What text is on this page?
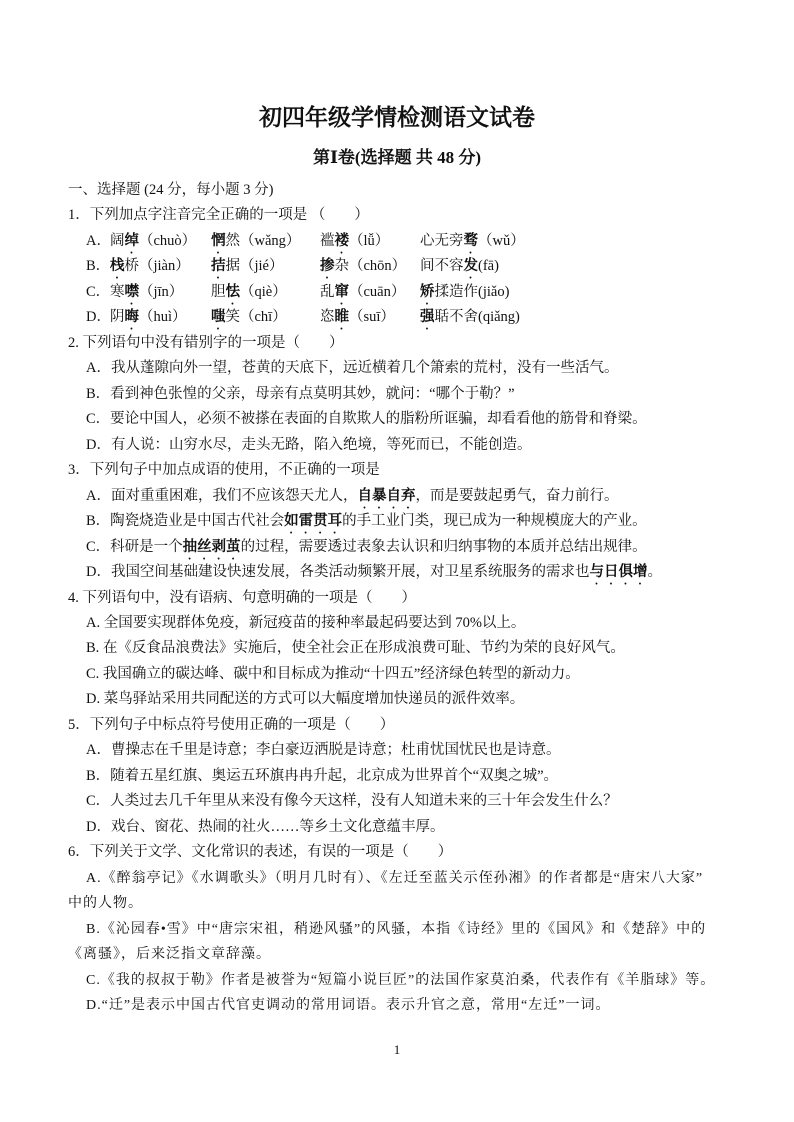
初四年级学情检测语文试卷
第Ⅰ卷(选择题 共 48 分)
一、选择题 (24 分，每小题 3 分)
1．下列加点字注音完全正确的一项是 （　　）
A．阔绰（chuò） 惘然（wǎng） 褴褛（lǚ） 心无旁骛（wǔ）
B．栈桥（jiàn） 拮据（jié）	掺杂（chōn） 间不容发(fā)
C．寒噤（jīn） 胆怯（qiè） 乱窜（cuān） 矫揉造作(jiǎo)
D．阴晦（huì） 嗤笑（chī） 恣睢（suī） 强聒不舍(qiǎng)
2. 下列语句中没有错别字的一项是（　　）
A．我从蓬隙向外一望，苍黄的天底下，远近横着几个箫索的荒村，没有一些活气。
B．看到神色张惶的父亲，母亲有点莫明其妙，就问：“哪个于勒？”
C．要论中国人，必须不被搽在表面的自欺欺人的脂粉所诓骗，却看看他的筋骨和脊梁。
D．有人说：山穷水尽，走头无路，陷入绝境，等死而已，不能创造。
3．下列句子中加点成语的使用，不正确的一项是
A．面对重重困难，我们不应该怨天尤人，自暴自弃，而是要鼓起勇气，奋力前行。
B．陶瓷烧造业是中国古代社会如雷贯耳的手工业门类，现已成为一种规模庞大的产业。
C．科研是一个抽丝剥茧的过程，需要透过表象去认识和归纳事物的本质并总结出规律。
D．我国空间基础建设快速发展，各类活动频繁开展，对卫星系统服务的需求也与日俱增。
4. 下列语句中，没有语病、句意明确的一项是（　　）
A. 全国要实现群体免疫，新冠疫苗的接种率最起码要达到 70%以上。
B. 在《反食品浪费法》实施后，使全社会正在形成浪费可耻、节约为荣的良好风气。
C. 我国确立的碳达峰、碳中和目标成为推动“十四五”经济绿色转型的新动力。
D. 菜鸟驿站采用共同配送的方式可以大幅度增加快递员的派件效率。
5．下列句子中标点符号使用正确的一项是（　　）
A．曹操志在千里是诗意；李白豪迈洒脱是诗意；杜甫忧国忧民也是诗意。
B．随着五星红旗、奥运五环旗冉冉升起，北京成为世界首个“双奥之城”。
C．人类过去几千年里从来没有像今天这样，没有人知道未来的三十年会发生什么？
D．戏台、窗花、热闹的社火……等乡土文化意蕴丰厚。
6．下列关于文学、文化常识的表述，有误的一项是（　　）
A.《醉翁亭记》《水调歌头》（明月几时有）、《左迁至蓝关示侄孙湘》的作者都是“唐宋八大家”
中的人物。
B.《沁园春•雪》中“唐宗宋祖，稍逊风骚”的风骚，本指《诗经》里的《国风》和《楚辞》中的
《离骚》，后来泛指文章辞藻。
C.《我的叔叔于勒》作者是被誉为“短篇小说巨匠”的法国作家莫泊桑，代表作有《羊脂球》等。
D.“迁”是表示中国古代官吏调动的常用词语。表示升官之意，常用“左迁”一词。
1
